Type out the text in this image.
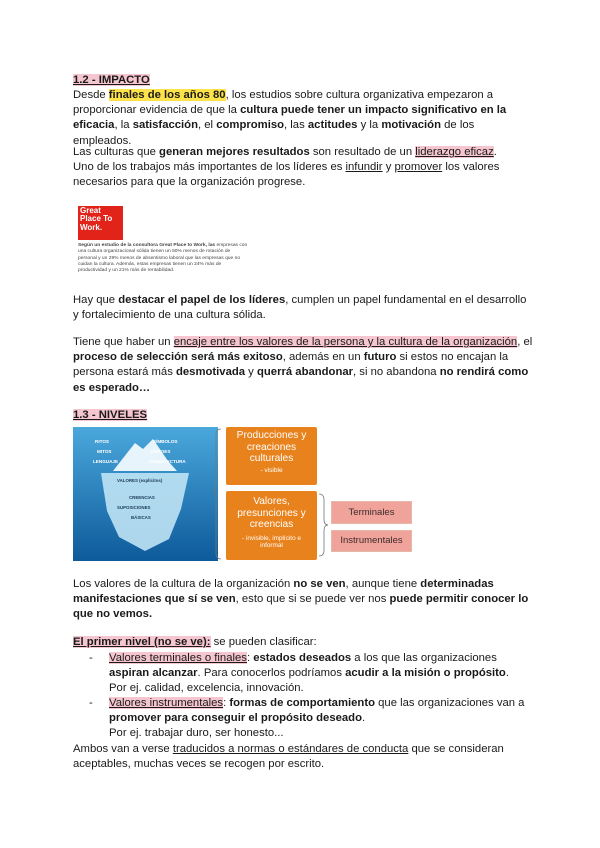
1.2 - IMPACTO
Desde finales de los años 80, los estudios sobre cultura organizativa empezaron a proporcionar evidencia de que la cultura puede tener un impacto significativo en la eficacia, la satisfacción, el compromiso, las actitudes y la motivación de los empleados.
Las culturas que generan mejores resultados son resultado de un liderazgo eficaz.
Uno de los trabajos más importantes de los líderes es infundir y promover los valores necesarios para que la organización progrese.
Great Place To Work.
Según un estudio de la consultora Great Place to Work, las empresas con una cultura organizacional sólida tienen un 50% menos de rotación de personal y un 29% menos de absentismo laboral que las empresas que no cuidan la cultura. Además, estas empresas tienen un 24% más de productividad y un 21% más de rentabilidad.
Hay que destacar el papel de los líderes, cumplen un papel fundamental en el desarrollo y fortalecimiento de una cultura sólida.
Tiene que haber un encaje entre los valores de la persona y la cultura de la organización, el proceso de selección será más exitoso, además en un futuro si estos no encajan la persona estará más desmotivada y querrá abandonar, si no abandona no rendirá como es esperado…
1.3 - NIVELES
RITOS	SÍMBOLOS
MITOS	HÉROES
LENGUAJE	ARQUITECTURA
VALORES (explícitos)
CREENCIAS
SUPOSICIONES
BÁSICAS
Producciones y creaciones culturales
- visible
Valores, presunciones y creencias
- invisible, implícito e informal
Terminales
Instrumentales
Los valores de la cultura de la organización no se ven, aunque tiene determinadas manifestaciones que sí se ven, esto que si se puede ver nos puede permitir conocer lo que no vemos.
El primer nivel (no se ve): se pueden clasificar:
- Valores terminales o finales: estados deseados a los que las organizaciones aspiran alcanzar. Para conocerlos podríamos acudir a la misión o propósito.
Por ej. calidad, excelencia, innovación.
- Valores instrumentales: formas de comportamiento que las organizaciones van a promover para conseguir el propósito deseado.
Por ej. trabajar duro, ser honesto...
Ambos van a verse traducidos a normas o estándares de conducta que se consideran aceptables, muchas veces se recogen por escrito.
